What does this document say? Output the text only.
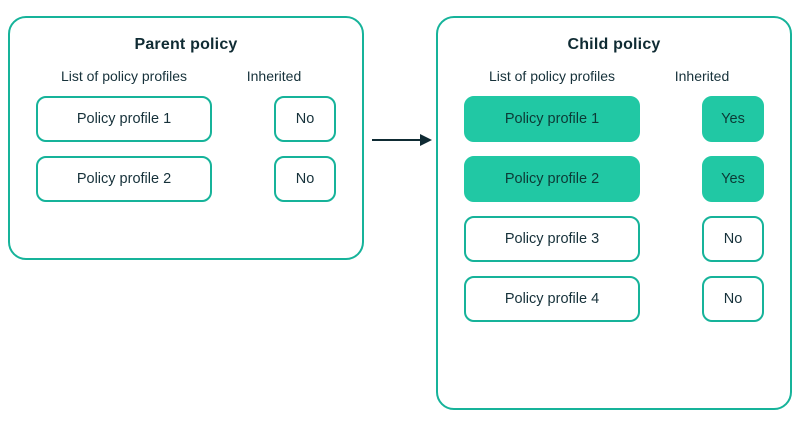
Parent policy
List of policy profiles	Inherited
Policy profile 1	No
Policy profile 2	No
Child policy
List of policy profiles	Inherited
Policy profile 1	Yes
Policy profile 2	Yes
Policy profile 3	No
Policy profile 4	No
